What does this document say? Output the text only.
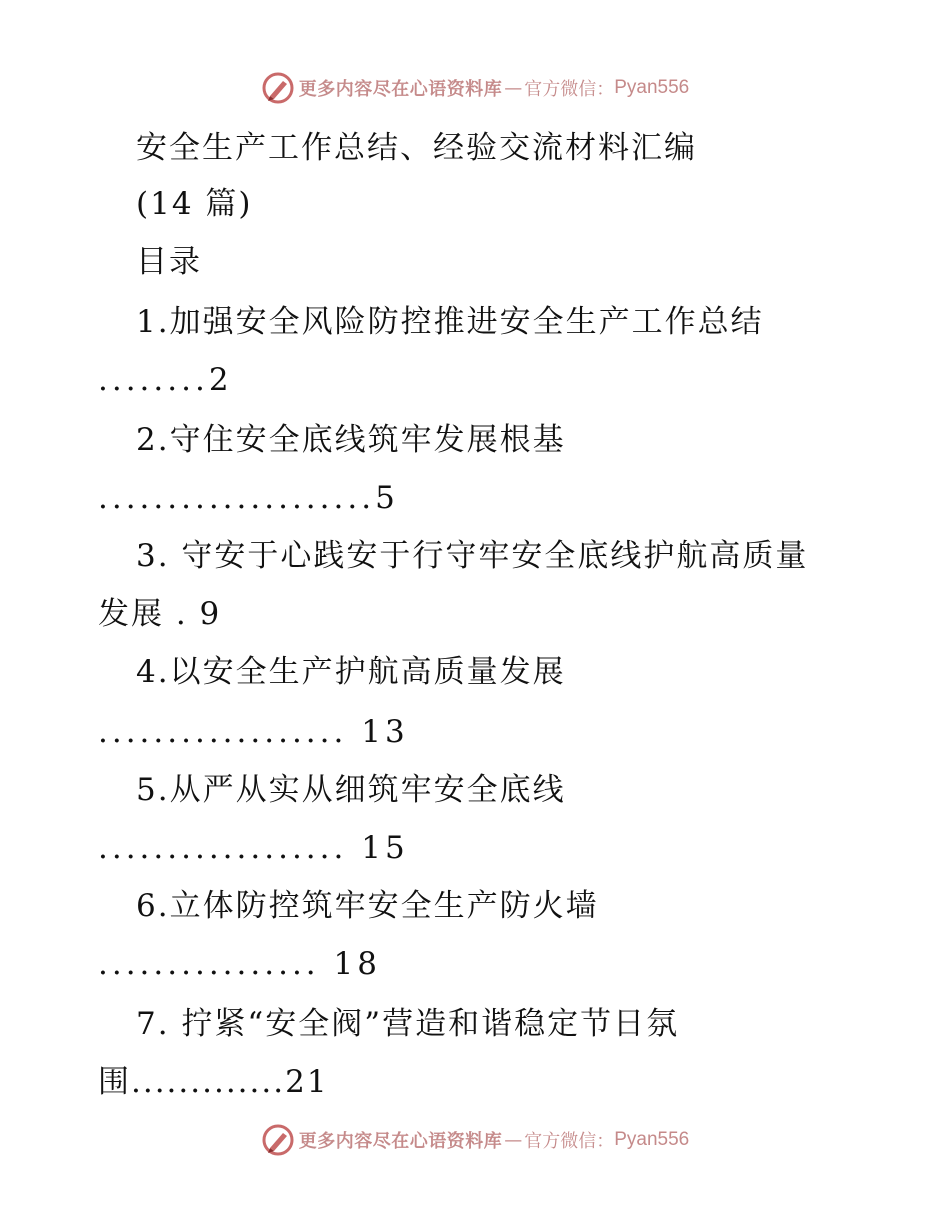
更多内容尽在心语资料库 — 官方微信： Pyan556
安全生产工作总结、经验交流材料汇编
(14 篇)
目录
1.加强安全风险防控推进安全生产工作总结
........2
2.守住安全底线筑牢发展根基
....................5
3. 守安于心践安于行守牢安全底线护航高质量
发展 . 9
4.以安全生产护航高质量发展
.................. 13
5.从严从实从细筑牢安全底线
.................. 15
6.立体防控筑牢安全生产防火墙
................ 18
7. 拧紧“安全阀”营造和谐稳定节日氛
围.............21
更多内容尽在心语资料库 — 官方微信： Pyan556
